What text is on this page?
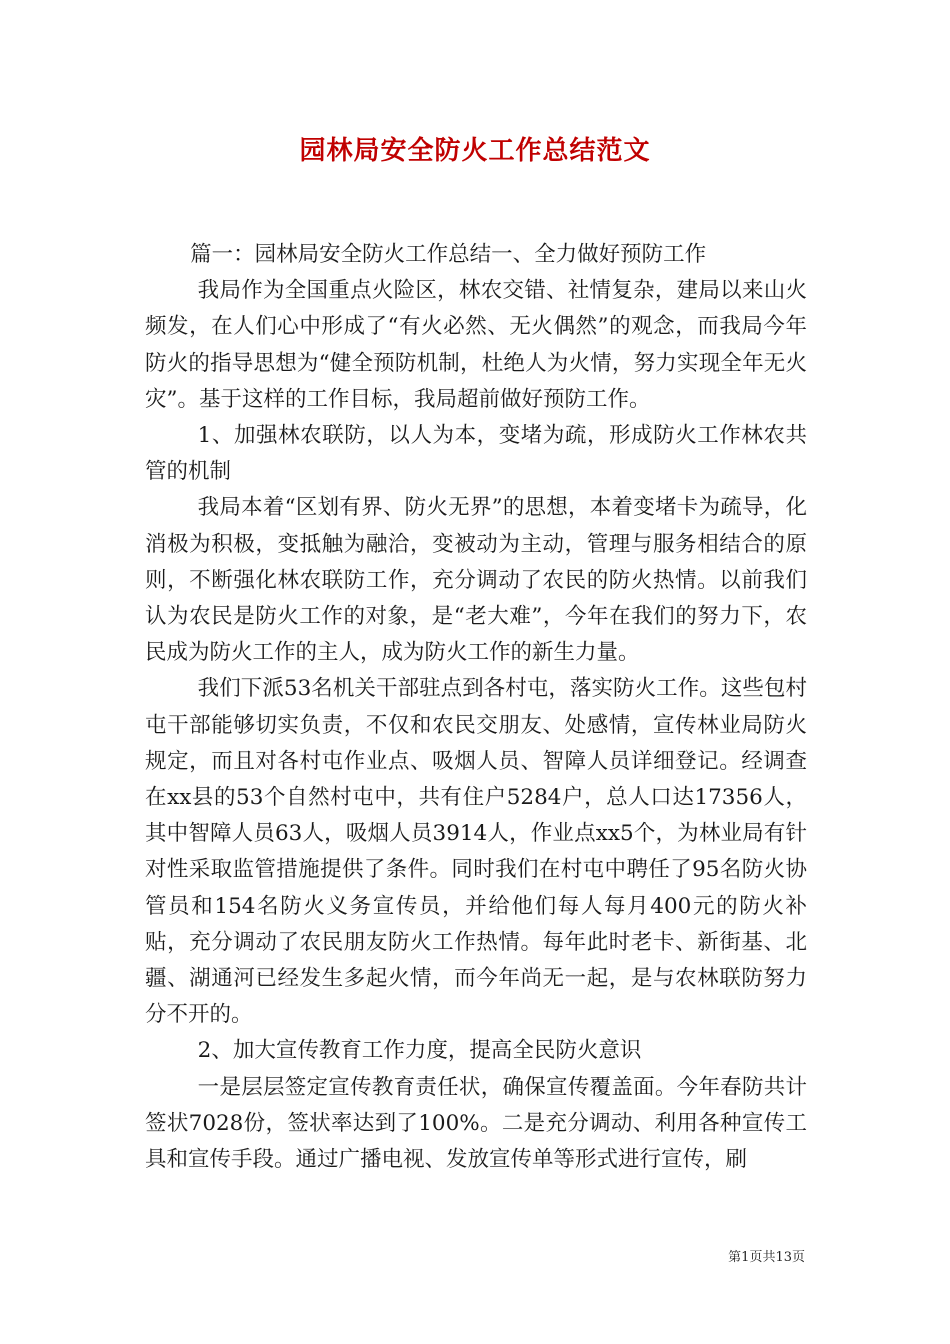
园林局安全防火工作总结范文

篇一：园林局安全防火工作总结一、全力做好预防工作

我局作为全国重点火险区，林农交错、社情复杂，建局以来山火频发，在人们心中形成了“有火必然、无火偶然”的观念，而我局今年防火的指导思想为“健全预防机制，杜绝人为火情，努力实现全年无火灾”。基于这样的工作目标，我局超前做好预防工作。

1、加强林农联防，以人为本，变堵为疏，形成防火工作林农共管的机制

我局本着“区划有界、防火无界”的思想，本着变堵卡为疏导，化消极为积极，变抵触为融洽，变被动为主动，管理与服务相结合的原则，不断强化林农联防工作，充分调动了农民的防火热情。以前我们认为农民是防火工作的对象，是“老大难”，今年在我们的努力下，农民成为防火工作的主人，成为防火工作的新生力量。

我们下派53名机关干部驻点到各村屯，落实防火工作。这些包村屯干部能够切实负责，不仅和农民交朋友、处感情，宣传林业局防火规定，而且对各村屯作业点、吸烟人员、智障人员详细登记。经调查在xx县的53个自然村屯中，共有住户5284户，总人口达17356人，其中智障人员63人，吸烟人员3914人，作业点xx5个，为林业局有针对性采取监管措施提供了条件。同时我们在村屯中聘任了95名防火协管员和154名防火义务宣传员，并给他们每人每月400元的防火补贴，充分调动了农民朋友防火工作热情。每年此时老卡、新街基、北疆、湖通河已经发生多起火情，而今年尚无一起，是与农林联防努力分不开的。

2、加大宣传教育工作力度，提高全民防火意识

一是层层签定宣传教育责任状，确保宣传覆盖面。今年春防共计签状7028份，签状率达到了100%。二是充分调动、利用各种宣传工具和宣传手段。通过广播电视、发放宣传单等形式进行宣传，刷

第1页共13页
